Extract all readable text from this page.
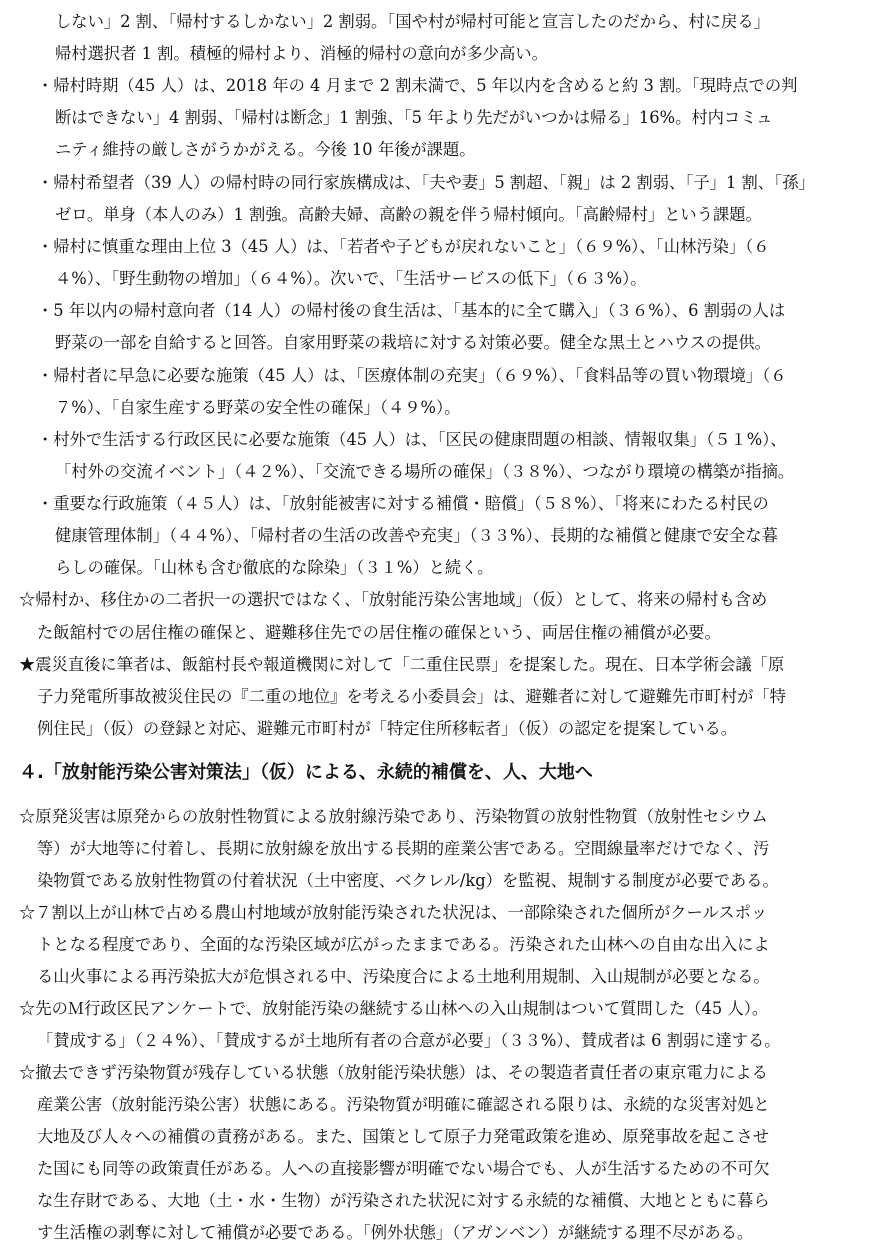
しない」2 割、「帰村するしかない」2 割弱。「国や村が帰村可能と宣言したのだから、村に戻る」
帰村選択者 1 割。積極的帰村より、消極的帰村の意向が多少高い。
・帰村時期（45 人）は、2018 年の 4 月まで 2 割未満で、5 年以内を含めると約 3 割。「現時点での判
断はできない」4 割弱、「帰村は断念」1 割強、「5 年より先だがいつかは帰る」16%。村内コミュ
ニティ維持の厳しさがうかがえる。今後 10 年後が課題。
・帰村希望者（39 人）の帰村時の同行家族構成は、「夫や妻」5 割超、「親」は 2 割弱、「子」1 割、「孫」
ゼロ。単身（本人のみ）1 割強。高齢夫婦、高齢の親を伴う帰村傾向。「高齢帰村」という課題。
・帰村に慎重な理由上位 3（45 人）は、「若者や子どもが戻れないこと」（６９%）、「山林汚染」（６
４%）、「野生動物の増加」（６４%）。次いで、「生活サービスの低下」（６３%）。
・5 年以内の帰村意向者（14 人）の帰村後の食生活は、「基本的に全て購入」（３６%）、6 割弱の人は
野菜の一部を自給すると回答。自家用野菜の栽培に対する対策必要。健全な黒土とハウスの提供。
・帰村者に早急に必要な施策（45 人）は、「医療体制の充実」（６９%）、「食料品等の買い物環境」（６
７%）、「自家生産する野菜の安全性の確保」（４９%）。
・村外で生活する行政区民に必要な施策（45 人）は、「区民の健康問題の相談、情報収集」（５１%）、
「村外の交流イベント」（４２%）、「交流できる場所の確保」（３８%）、つながり環境の構築が指摘。
・重要な行政施策（４５人）は、「放射能被害に対する補償・賠償」（５８%）、「将来にわたる村民の
健康管理体制」（４４%）、「帰村者の生活の改善や充実」（３３%）、長期的な補償と健康で安全な暮
らしの確保。「山林も含む徹底的な除染」（３１%）と続く。
☆帰村か、移住かの二者択一の選択ではなく、「放射能汚染公害地域」（仮）として、将来の帰村も含め
た飯舘村での居住権の確保と、避難移住先での居住権の確保という、両居住権の補償が必要。
★震災直後に筆者は、飯舘村長や報道機関に対して「二重住民票」を提案した。現在、日本学術会議「原
子力発電所事故被災住民の『二重の地位』を考える小委員会」は、避難者に対して避難先市町村が「特
例住民」（仮）の登録と対応、避難元市町村が「特定住所移転者」（仮）の認定を提案している。
４.「放射能汚染公害対策法」（仮）による、永続的補償を、人、大地へ
☆原発災害は原発からの放射性物質による放射線汚染であり、汚染物質の放射性物質（放射性セシウム
等）が大地等に付着し、長期に放射線を放出する長期的産業公害である。空間線量率だけでなく、汚
染物質である放射性物質の付着状況（土中密度、ベクレル/kg）を監視、規制する制度が必要である。
☆７割以上が山林で占める農山村地域が放射能汚染された状況は、一部除染された個所がクールスポッ
トとなる程度であり、全面的な汚染区域が広がったままである。汚染された山林への自由な出入によ
る山火事による再汚染拡大が危惧される中、汚染度合による土地利用規制、入山規制が必要となる。
☆先のＭ行政区民アンケートで、放射能汚染の継続する山林への入山規制はついて質問した（45 人）。
「賛成する」（２４%）、「賛成するが土地所有者の合意が必要」（３３%）、賛成者は 6 割弱に達する。
☆撤去できず汚染物質が残存している状態（放射能汚染状態）は、その製造者責任者の東京電力による
産業公害（放射能汚染公害）状態にある。汚染物質が明確に確認される限りは、永続的な災害対処と
大地及び人々への補償の責務がある。また、国策として原子力発電政策を進め、原発事故を起こさせ
た国にも同等の政策責任がある。人への直接影響が明確でない場合でも、人が生活するための不可欠
な生存財である、大地（土・水・生物）が汚染された状況に対する永続的な補償、大地とともに暮ら
す生活権の剥奪に対して補償が必要である。「例外状態」（アガンベン）が継続する理不尽がある。
